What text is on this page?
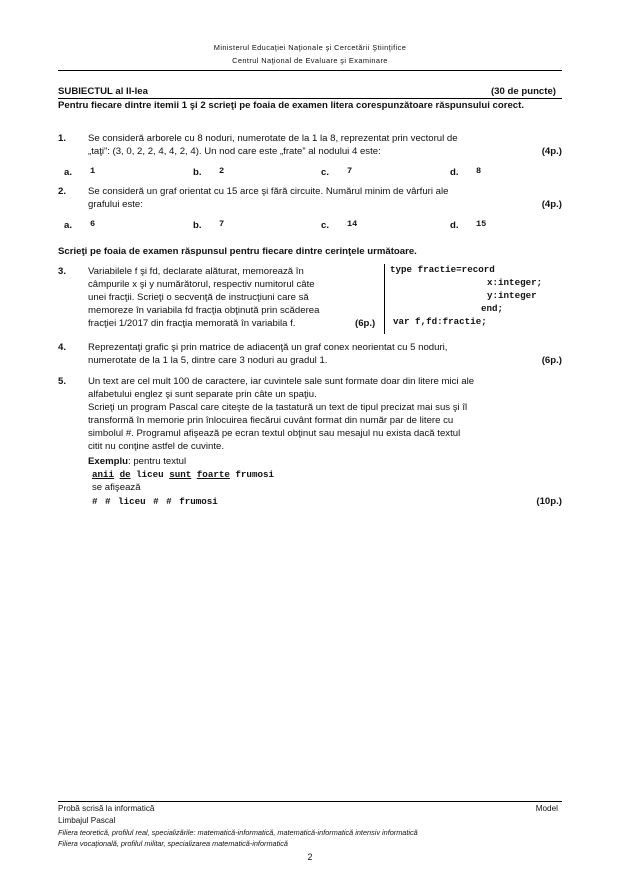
Ministerul Educaţiei Naţionale şi Cercetării Ştiinţifice
Centrul Naţional de Evaluare şi Examinare
SUBIECTUL al II-lea	(30 de puncte)
Pentru fiecare dintre itemii 1 şi 2 scrieţi pe foaia de examen litera corespunzătoare răspunsului corect.
1. Se consideră arborele cu 8 noduri, numerotate de la 1 la 8, reprezentat prin vectorul de
„taţi”: (3, 0, 2, 2, 4, 4, 2, 4). Un nod care este „frate” al nodului 4 este:	(4p.)
a. 1	b. 2	c. 7	d. 8
2. Se consideră un graf orientat cu 15 arce şi fără circuite. Numărul minim de vârfuri ale
grafului este:	(4p.)
a. 6	b. 7	c. 14	d. 15
Scrieţi pe foaia de examen răspunsul pentru fiecare dintre cerinţele următoare.
3. Variabilele f şi fd, declarate alăturat, memorează în
câmpurile x şi y numărătorul, respectiv numitorul câte
unei fracţii. Scrieţi o secvenţă de instrucţiuni care să
memoreze în variabila fd fracţia obţinută prin scăderea
fracţiei 1/2017 din fracţia memorată în variabila f.	(6p.)
type fractie=record
x:integer;
y:integer
end;
var f,fd:fractie;
4. Reprezentaţi grafic şi prin matrice de adiacenţă un graf conex neorientat cu 5 noduri,
numerotate de la 1 la 5, dintre care 3 noduri au gradul 1.	(6p.)
5. Un text are cel mult 100 de caractere, iar cuvintele sale sunt formate doar din litere mici ale
alfabetului englez şi sunt separate prin câte un spaţiu.
Scrieţi un program Pascal care citeşte de la tastatură un text de tipul precizat mai sus şi îl
transformă în memorie prin înlocuirea fiecărui cuvânt format din număr par de litere cu
simbolul #. Programul afişează pe ecran textul obţinut sau mesajul nu exista dacă textul
citit nu conţine astfel de cuvinte.
Exemplu: pentru textul
anii de liceu sunt foarte frumosi
se afişează
# # liceu # # frumosi	(10p.)
Probă scrisă la informatică	Model
Limbajul Pascal
Filiera teoretică, profilul real, specializările: matematică-informatică, matematică-informatică intensiv informatică
Filiera vocaţională, profilul militar, specializarea matematică-informatică
2
